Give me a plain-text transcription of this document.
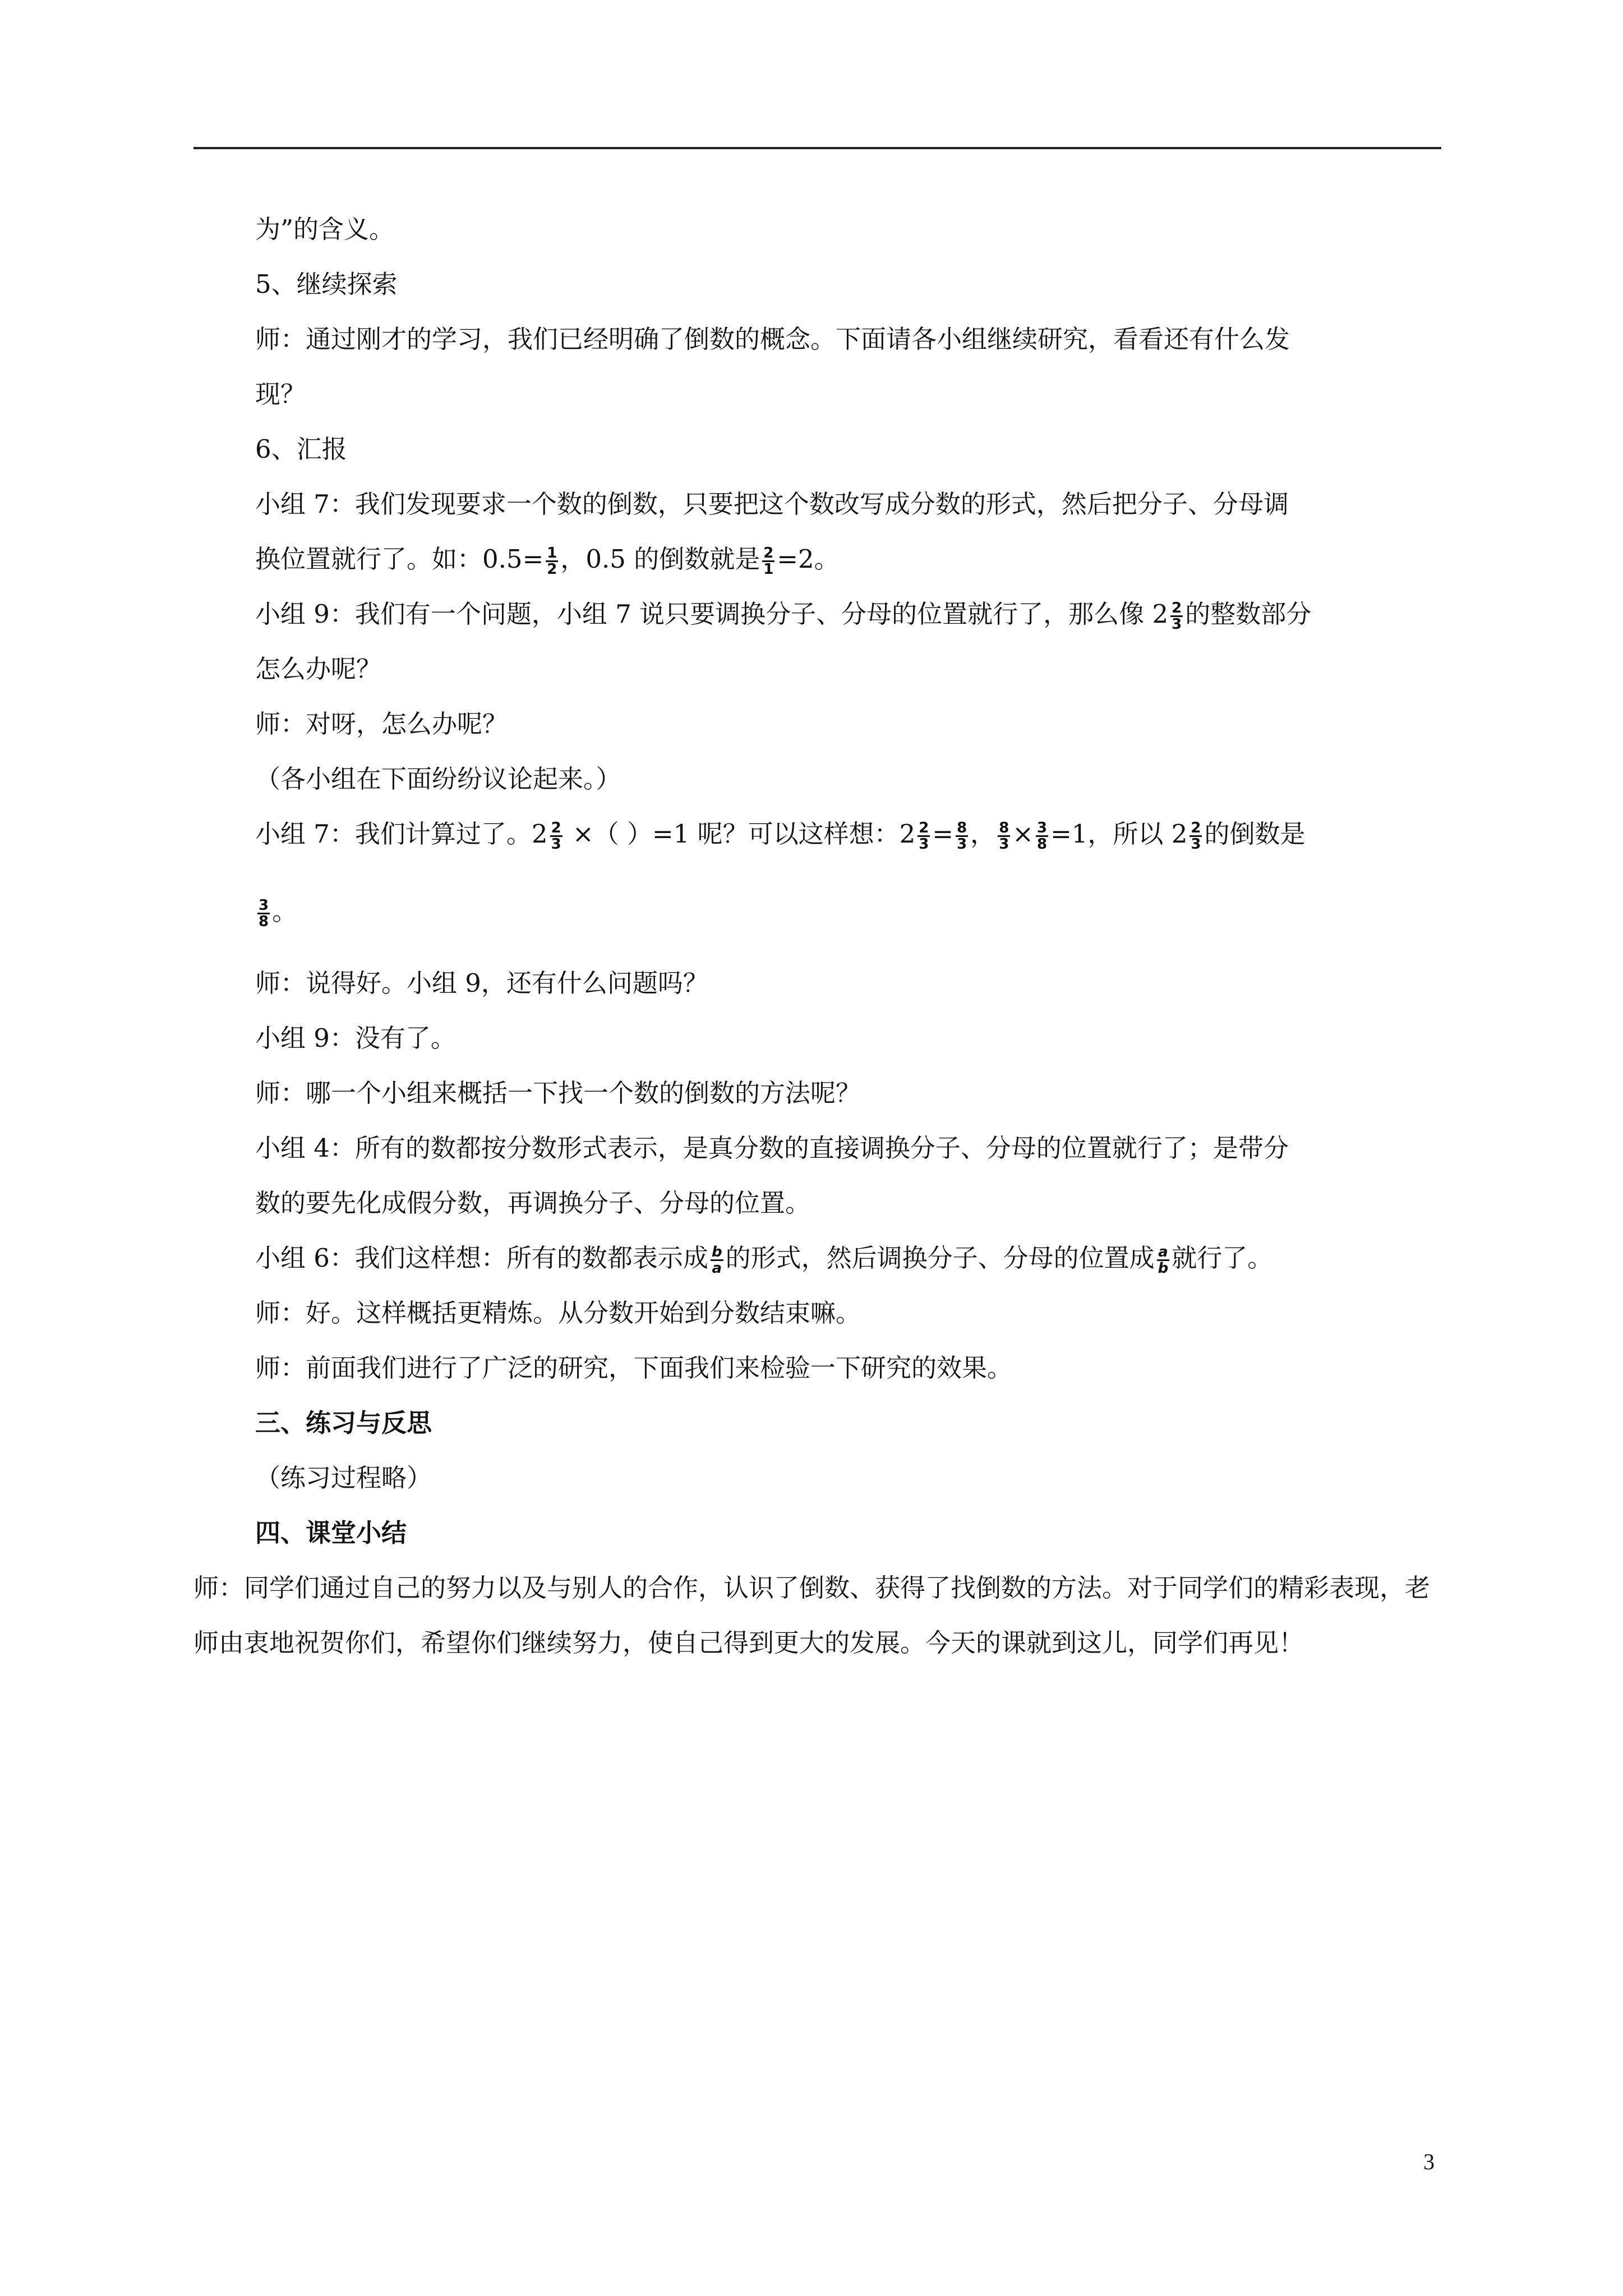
为”的含义。

5、继续探索

师：通过刚才的学习，我们已经明确了倒数的概念。下面请各小组继续研究，看看还有什么发

现？

6、汇报

小组 7：我们发现要求一个数的倒数，只要把这个数改写成分数的形式，然后把分子、分母调

换位置就行了。如：$0.5= \frac{1}{2}$ ，0.5 的倒数就是 $\frac{2}{1} =2$。

小组 9：我们有一个问题，小组 7 说只要调换分子、分母的位置就行了，那么像 $2 \frac{2}{3}$ 的整数部分

怎么办呢？

师：对呀，怎么办呢？

（各小组在下面纷纷议论起来。）

小组 7：我们计算过了。$2 \frac{2}{3}$ ×（ ）=1 呢？可以这样想：$2 \frac{2}{3} = \frac{8}{3}$ ， $\frac{8}{3} \times \frac{3}{8} =1$，所以 $2 \frac{2}{3}$ 的倒数是

$\frac{3}{8}$ 。

师：说得好。小组 9，还有什么问题吗？

小组 9：没有了。

师：哪一个小组来概括一下找一个数的倒数的方法呢？

小组 4：所有的数都按分数形式表示，是真分数的直接调换分子、分母的位置就行了；是带分

数的要先化成假分数，再调换分子、分母的位置。

小组 6：我们这样想：所有的数都表示成 $\frac{b}{a}$ 的形式，然后调换分子、分母的位置成 $\frac{a}{b}$ 就行了。

师：好。这样概括更精炼。从分数开始到分数结束嘛。

师：前面我们进行了广泛的研究，下面我们来检验一下研究的效果。

三、练习与反思

（练习过程略）

四、课堂小结

师：同学们通过自己的努力以及与别人的合作，认识了倒数、获得了找倒数的方法。对于同学们的精彩表现，老师由衷地祝贺你们，希望你们继续努力，使自己得到更大的发展。今天的课就到这儿，同学们再见！

3
